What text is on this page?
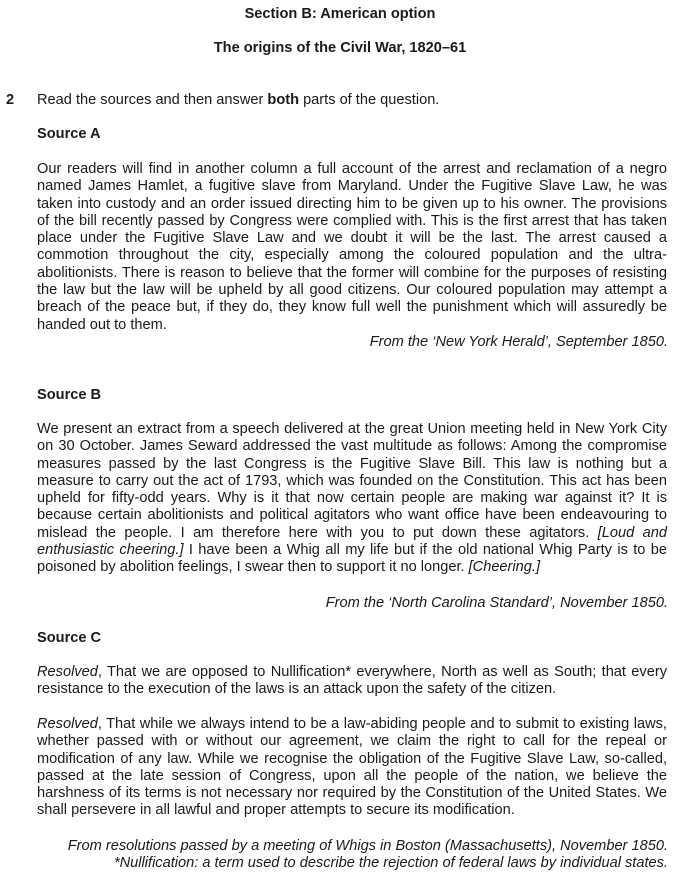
Section B: American option
The origins of the Civil War, 1820–61
2 Read the sources and then answer both parts of the question.
Source A
Our readers will find in another column a full account of the arrest and reclamation of a negro named James Hamlet, a fugitive slave from Maryland. Under the Fugitive Slave Law, he was taken into custody and an order issued directing him to be given up to his owner. The provisions of the bill recently passed by Congress were complied with. This is the first arrest that has taken place under the Fugitive Slave Law and we doubt it will be the last. The arrest caused a commotion throughout the city, especially among the coloured population and the ultra-abolitionists. There is reason to believe that the former will combine for the purposes of resisting the law but the law will be upheld by all good citizens. Our coloured population may attempt a breach of the peace but, if they do, they know full well the punishment which will assuredly be handed out to them.
From the ‘New York Herald’, September 1850.
Source B
We present an extract from a speech delivered at the great Union meeting held in New York City on 30 October. James Seward addressed the vast multitude as follows: Among the compromise measures passed by the last Congress is the Fugitive Slave Bill. This law is nothing but a measure to carry out the act of 1793, which was founded on the Constitution. This act has been upheld for fifty-odd years. Why is it that now certain people are making war against it? It is because certain abolitionists and political agitators who want office have been endeavouring to mislead the people. I am therefore here with you to put down these agitators. [Loud and enthusiastic cheering.] I have been a Whig all my life but if the old national Whig Party is to be poisoned by abolition feelings, I swear then to support it no longer. [Cheering.]
From the ‘North Carolina Standard’, November 1850.
Source C
Resolved, That we are opposed to Nullification* everywhere, North as well as South; that every resistance to the execution of the laws is an attack upon the safety of the citizen.
Resolved, That while we always intend to be a law-abiding people and to submit to existing laws, whether passed with or without our agreement, we claim the right to call for the repeal or modification of any law. While we recognise the obligation of the Fugitive Slave Law, so-called, passed at the late session of Congress, upon all the people of the nation, we believe the harshness of its terms is not necessary nor required by the Constitution of the United States. We shall persevere in all lawful and proper attempts to secure its modification.
From resolutions passed by a meeting of Whigs in Boston (Massachusetts), November 1850.
*Nullification: a term used to describe the rejection of federal laws by individual states.
